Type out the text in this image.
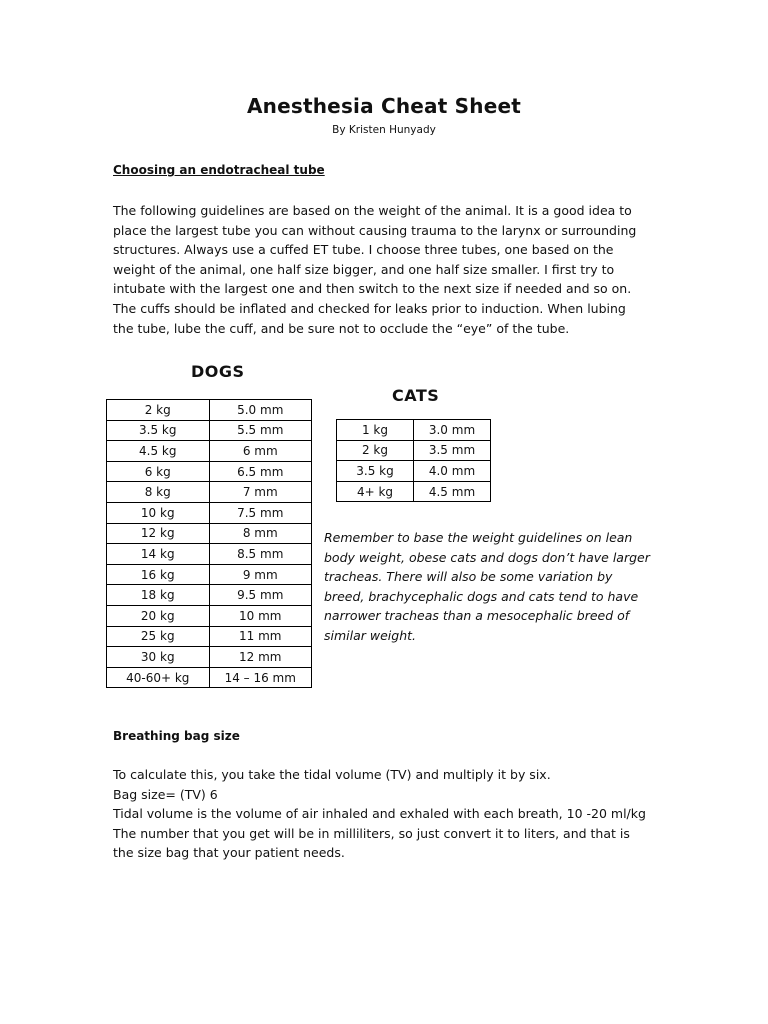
Anesthesia Cheat Sheet
By Kristen Hunyady
Choosing an endotracheal tube
The following guidelines are based on the weight of the animal. It is a good idea to
place the largest tube you can without causing trauma to the larynx or surrounding
structures. Always use a cuffed ET tube. I choose three tubes, one based on the
weight of the animal, one half size bigger, and one half size smaller. I first try to
intubate with the largest one and then switch to the next size if needed and so on.
The cuffs should be inflated and checked for leaks prior to induction. When lubing
the tube, lube the cuff, and be sure not to occlude the “eye” of the tube.
DOGS
CATS
2 kg	5.0 mm
3.5 kg	5.5 mm
4.5 kg	6 mm
6 kg	6.5 mm
8 kg	7 mm
10 kg	7.5 mm
12 kg	8 mm
14 kg	8.5 mm
16 kg	9 mm
18 kg	9.5 mm
20 kg	10 mm
25 kg	11 mm
30 kg	12 mm
40-60+ kg	14 – 16 mm
1 kg	3.0 mm
2 kg	3.5 mm
3.5 kg	4.0 mm
4+ kg	4.5 mm
Remember to base the weight guidelines on lean
body weight, obese cats and dogs don’t have larger
tracheas. There will also be some variation by
breed, brachycephalic dogs and cats tend to have
narrower tracheas than a mesocephalic breed of
similar weight.
Breathing bag size
To calculate this, you take the tidal volume (TV) and multiply it by six.
Bag size= (TV) 6
Tidal volume is the volume of air inhaled and exhaled with each breath, 10 -20 ml/kg
The number that you get will be in milliliters, so just convert it to liters, and that is
the size bag that your patient needs.
